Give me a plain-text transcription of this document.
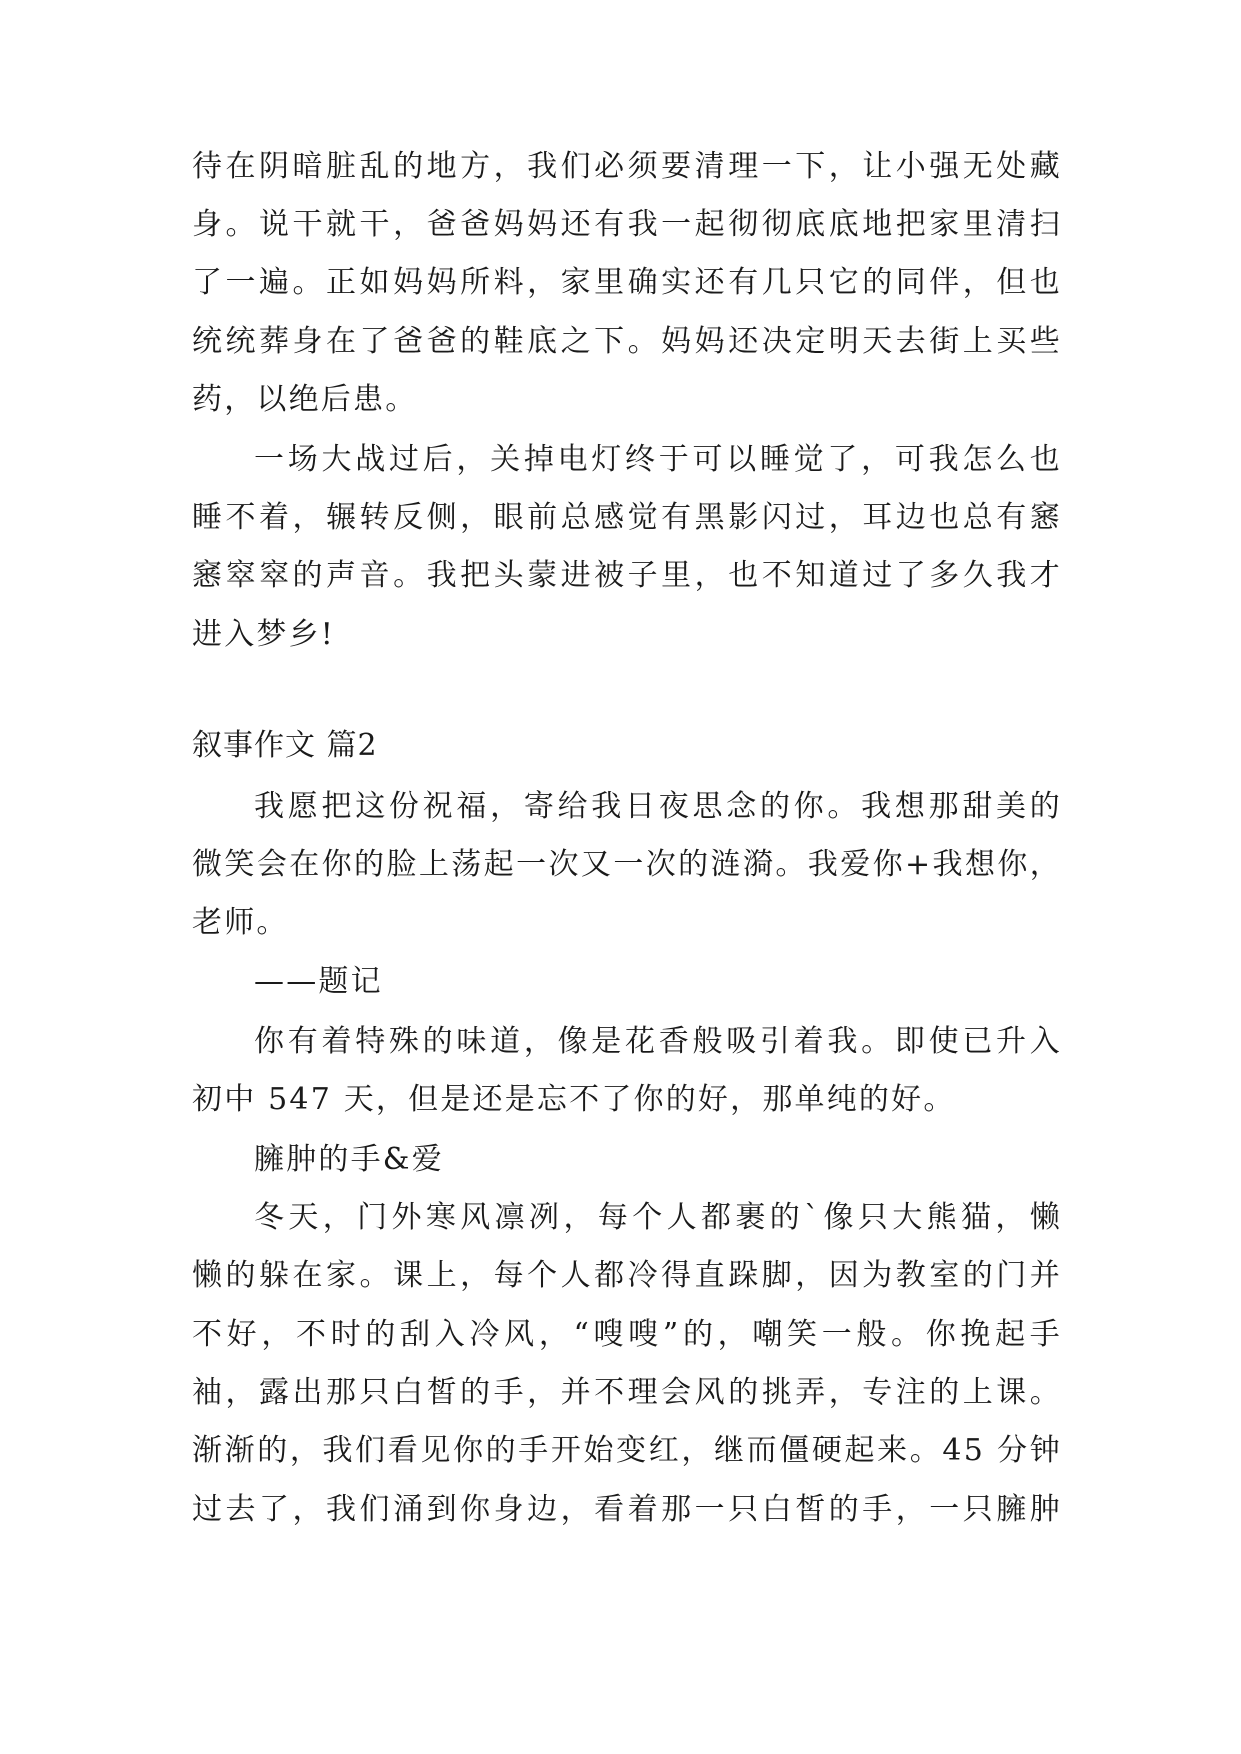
待在阴暗脏乱的地方，我们必须要清理一下，让小强无处藏
身。说干就干，爸爸妈妈还有我一起彻彻底底地把家里清扫
了一遍。正如妈妈所料，家里确实还有几只它的同伴，但也
统统葬身在了爸爸的鞋底之下。妈妈还决定明天去街上买些
药，以绝后患。
一场大战过后，关掉电灯终于可以睡觉了，可我怎么也
睡不着，辗转反侧，眼前总感觉有黑影闪过，耳边也总有窸
窸窣窣的声音。我把头蒙进被子里，也不知道过了多久我才
进入梦乡!
叙事作文 篇2
我愿把这份祝福，寄给我日夜思念的你。我想那甜美的
微笑会在你的脸上荡起一次又一次的涟漪。我爱你+我想你，
老师。
——题记
你有着特殊的味道，像是花香般吸引着我。即使已升入
初中 547 天，但是还是忘不了你的好，那单纯的好。
臃肿的手&爱
冬天，门外寒风凛冽，每个人都裹的`像只大熊猫，懒
懒的躲在家。课上，每个人都冷得直跺脚，因为教室的门并
不好，不时的刮入冷风，“嗖嗖”的，嘲笑一般。你挽起手
袖，露出那只白皙的手，并不理会风的挑弄，专注的上课。
渐渐的，我们看见你的手开始变红，继而僵硬起来。45 分钟
过去了，我们涌到你身边，看着那一只白皙的手，一只臃肿
